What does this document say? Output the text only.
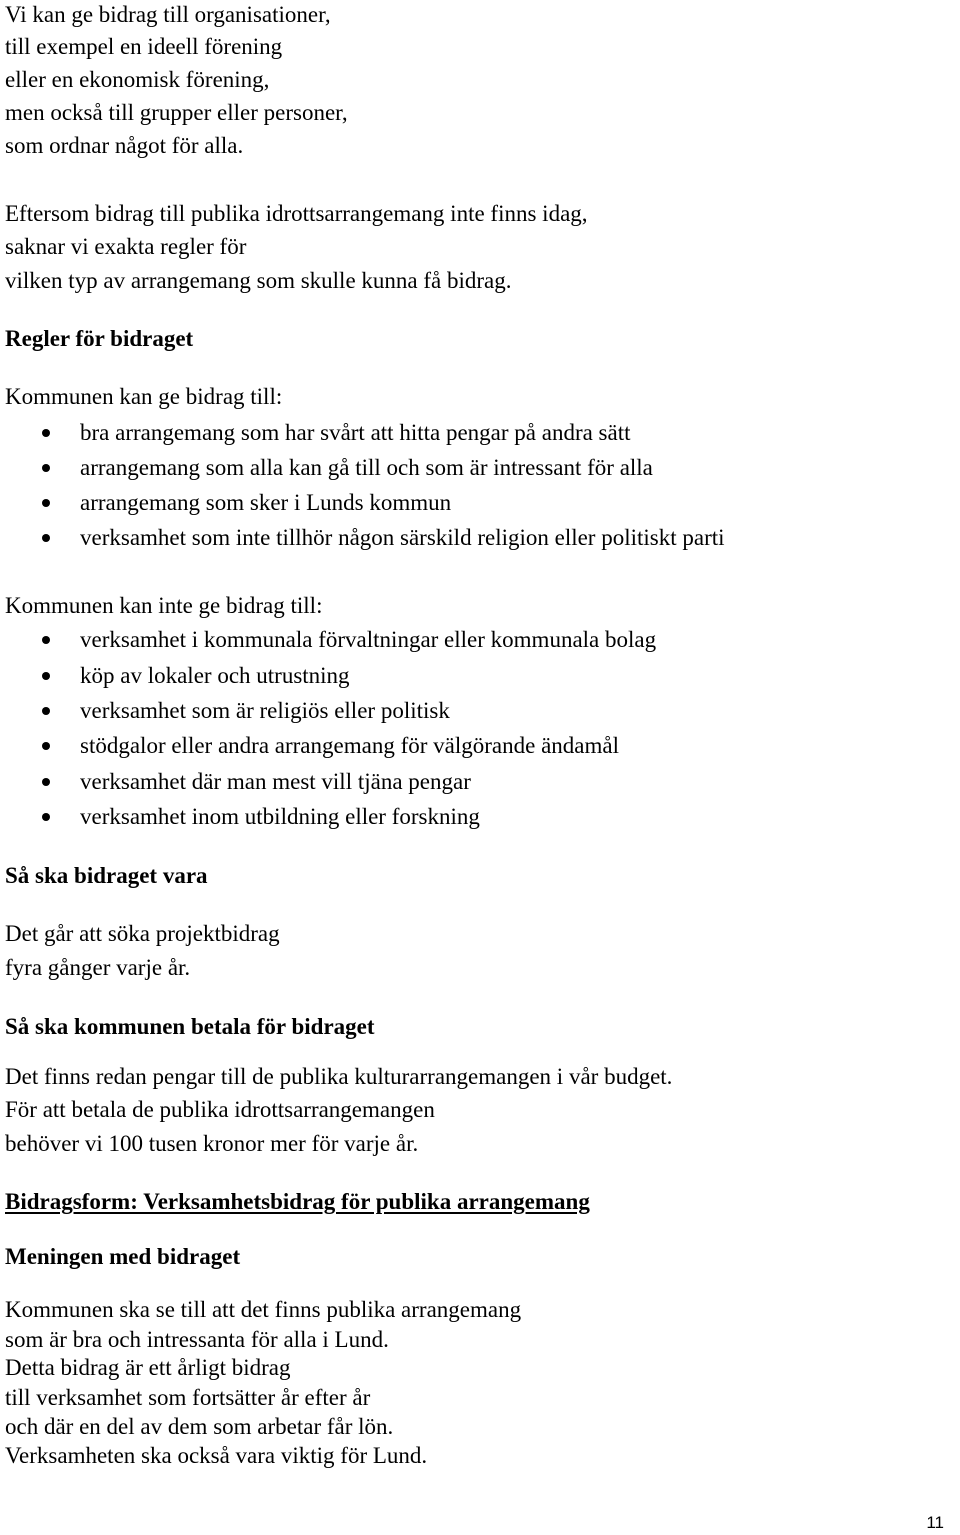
Vi kan ge bidrag till organisationer,
till exempel en ideell förening
eller en ekonomisk förening,
men också till grupper eller personer,
som ordnar något för alla.
Eftersom bidrag till publika idrottsarrangemang inte finns idag,
saknar vi exakta regler för
vilken typ av arrangemang som skulle kunna få bidrag.
Regler för bidraget
Kommunen kan ge bidrag till:
bra arrangemang som har svårt att hitta pengar på andra sätt
arrangemang som alla kan gå till och som är intressant för alla
arrangemang som sker i Lunds kommun
verksamhet som inte tillhör någon särskild religion eller politiskt parti
Kommunen kan inte ge bidrag till:
verksamhet i kommunala förvaltningar eller kommunala bolag
köp av lokaler och utrustning
verksamhet som är religiös eller politisk
stödgalor eller andra arrangemang för välgörande ändamål
verksamhet där man mest vill tjäna pengar
verksamhet inom utbildning eller forskning
Så ska bidraget vara
Det går att söka projektbidrag
fyra gånger varje år.
Så ska kommunen betala för bidraget
Det finns redan pengar till de publika kulturarrangemangen i vår budget.
För att betala de publika idrottsarrangemangen
behöver vi 100 tusen kronor mer för varje år.
Bidragsform: Verksamhetsbidrag för publika arrangemang
Meningen med bidraget
Kommunen ska se till att det finns publika arrangemang
som är bra och intressanta för alla i Lund.
Detta bidrag är ett årligt bidrag
till verksamhet som fortsätter år efter år
och där en del av dem som arbetar får lön.
Verksamheten ska också vara viktig för Lund.
11
